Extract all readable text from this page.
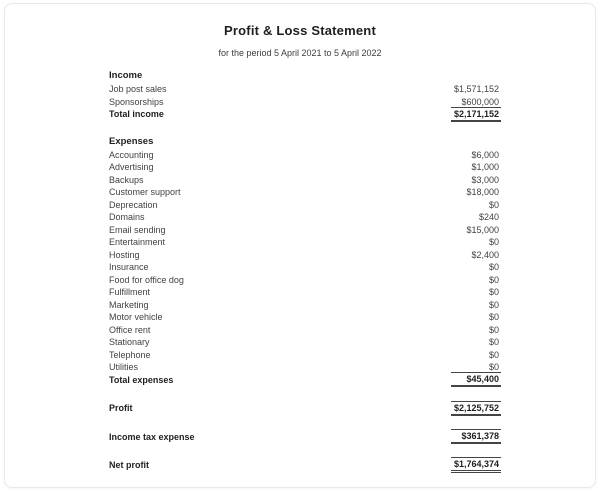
Profit & Loss Statement
for the period 5 April 2021 to 5 April 2022
Income
Job post sales	$1,571,152
Sponsorships	$600,000
Total income	$2,171,152
Expenses
Accounting	$6,000
Advertising	$1,000
Backups	$3,000
Customer support	$18,000
Deprecation	$0
Domains	$240
Email sending	$15,000
Entertainment	$0
Hosting	$2,400
Insurance	$0
Food for office dog	$0
Fulfillment	$0
Marketing	$0
Motor vehicle	$0
Office rent	$0
Stationary	$0
Telephone	$0
Utilities	$0
Total expenses	$45,400
Profit	$2,125,752
Income tax expense	$361,378
Net profit	$1,764,374
